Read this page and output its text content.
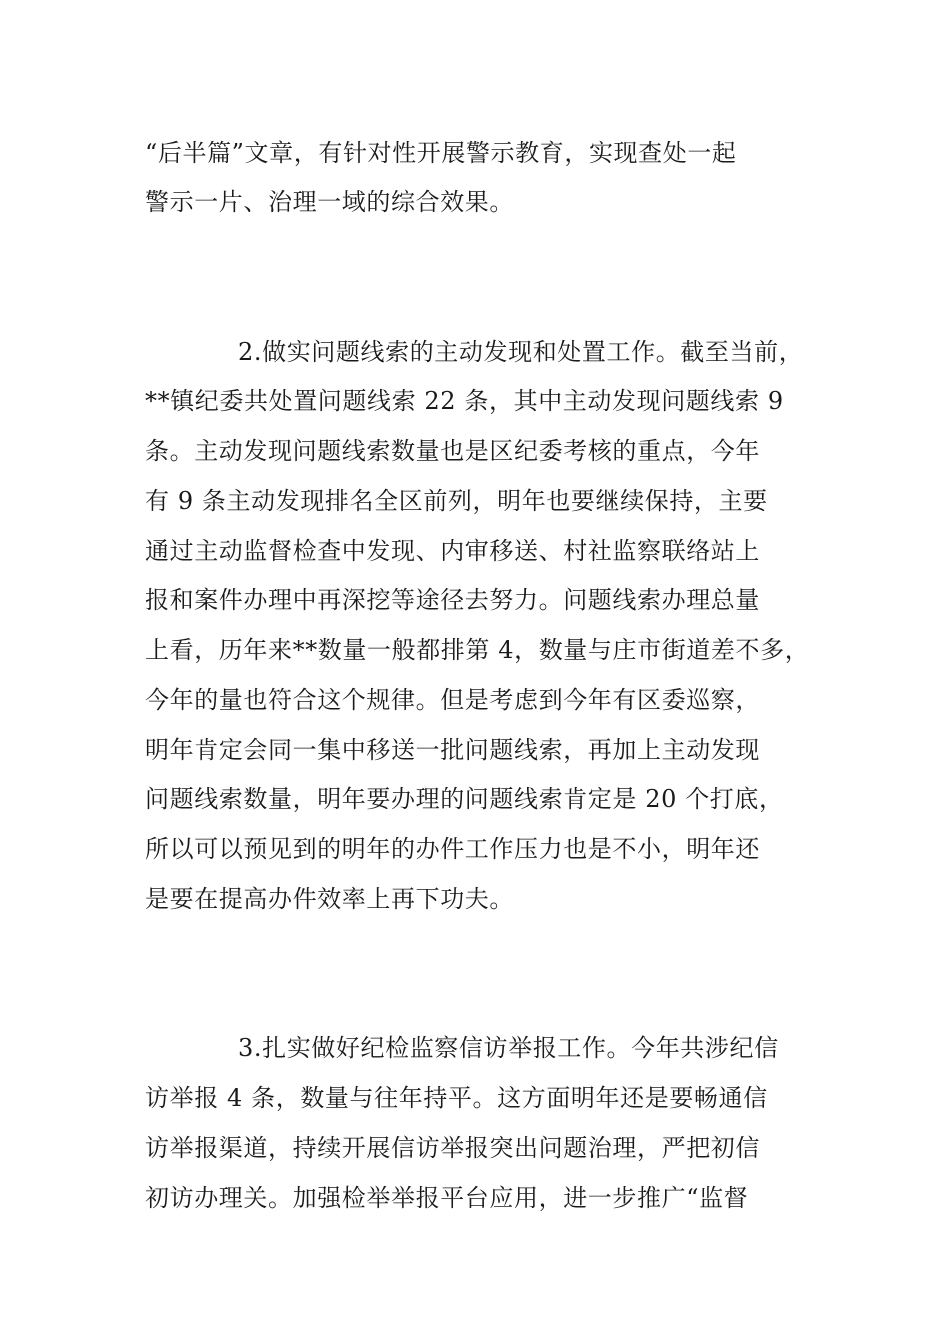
“后半篇”文章，有针对性开展警示教育，实现查处一起
警示一片、治理一域的综合效果。
2.做实问题线索的主动发现和处置工作。截至当前，
**镇纪委共处置问题线索 22 条，其中主动发现问题线索 9
条。主动发现问题线索数量也是区纪委考核的重点，今年
有 9 条主动发现排名全区前列，明年也要继续保持，主要
通过主动监督检查中发现、内审移送、村社监察联络站上
报和案件办理中再深挖等途径去努力。问题线索办理总量
上看，历年来**数量一般都排第 4，数量与庄市街道差不多，
今年的量也符合这个规律。但是考虑到今年有区委巡察，
明年肯定会同一集中移送一批问题线索，再加上主动发现
问题线索数量，明年要办理的问题线索肯定是 20 个打底，
所以可以预见到的明年的办件工作压力也是不小，明年还
是要在提高办件效率上再下功夫。
3.扎实做好纪检监察信访举报工作。今年共涉纪信
访举报 4 条，数量与往年持平。这方面明年还是要畅通信
访举报渠道，持续开展信访举报突出问题治理，严把初信
初访办理关。加强检举举报平台应用，进一步推广“监督
